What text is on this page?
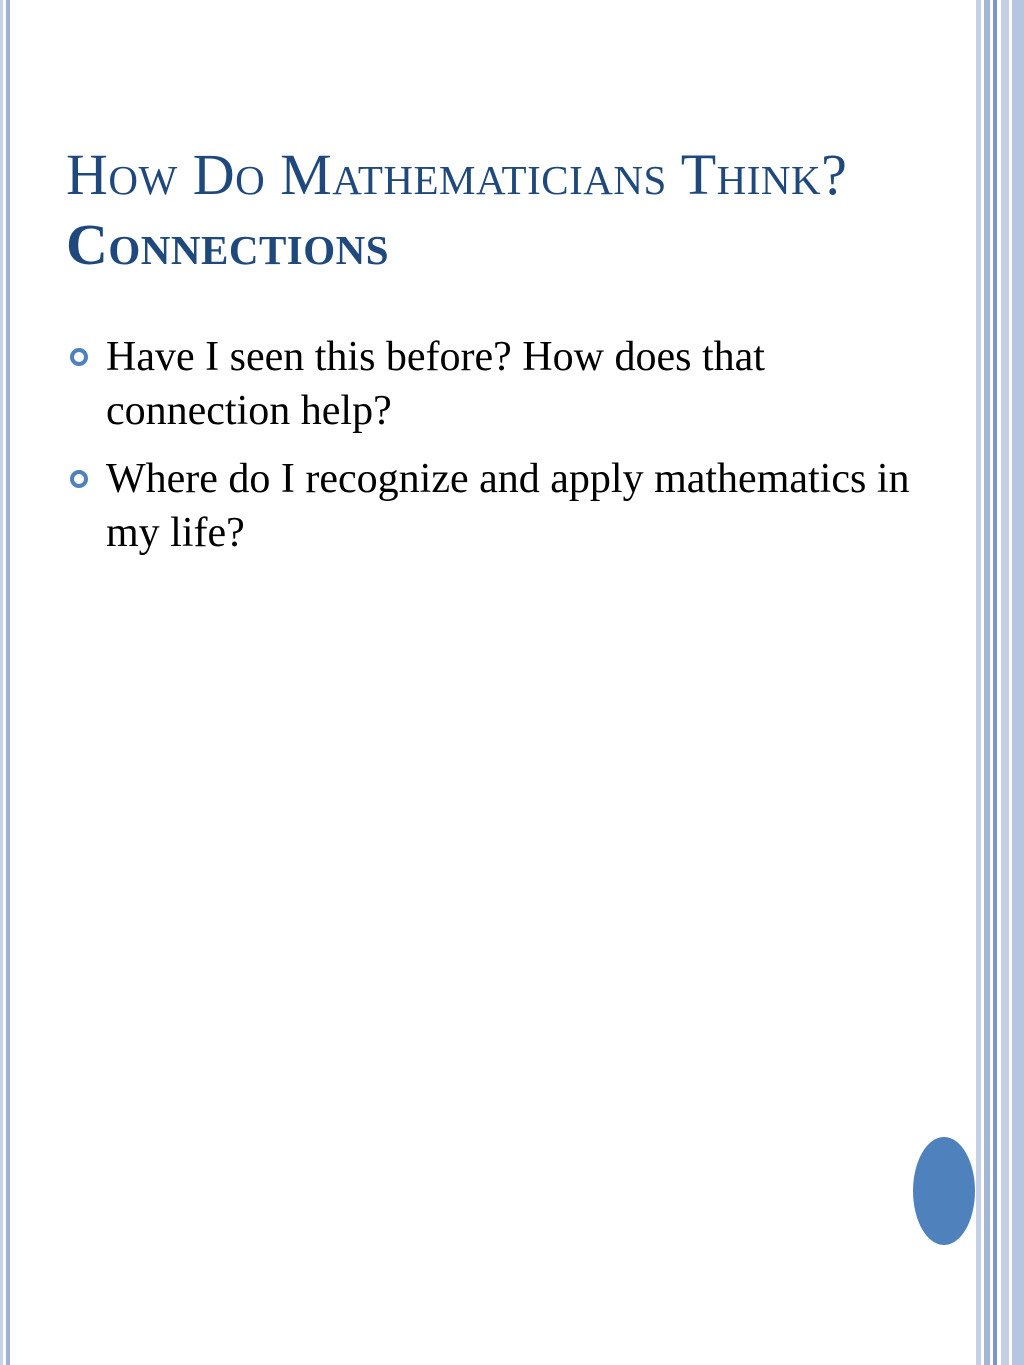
How Do Mathematicians Think?  Connections
Have I seen this before? How does that connection help?
Where do I recognize and apply mathematics in my life?
